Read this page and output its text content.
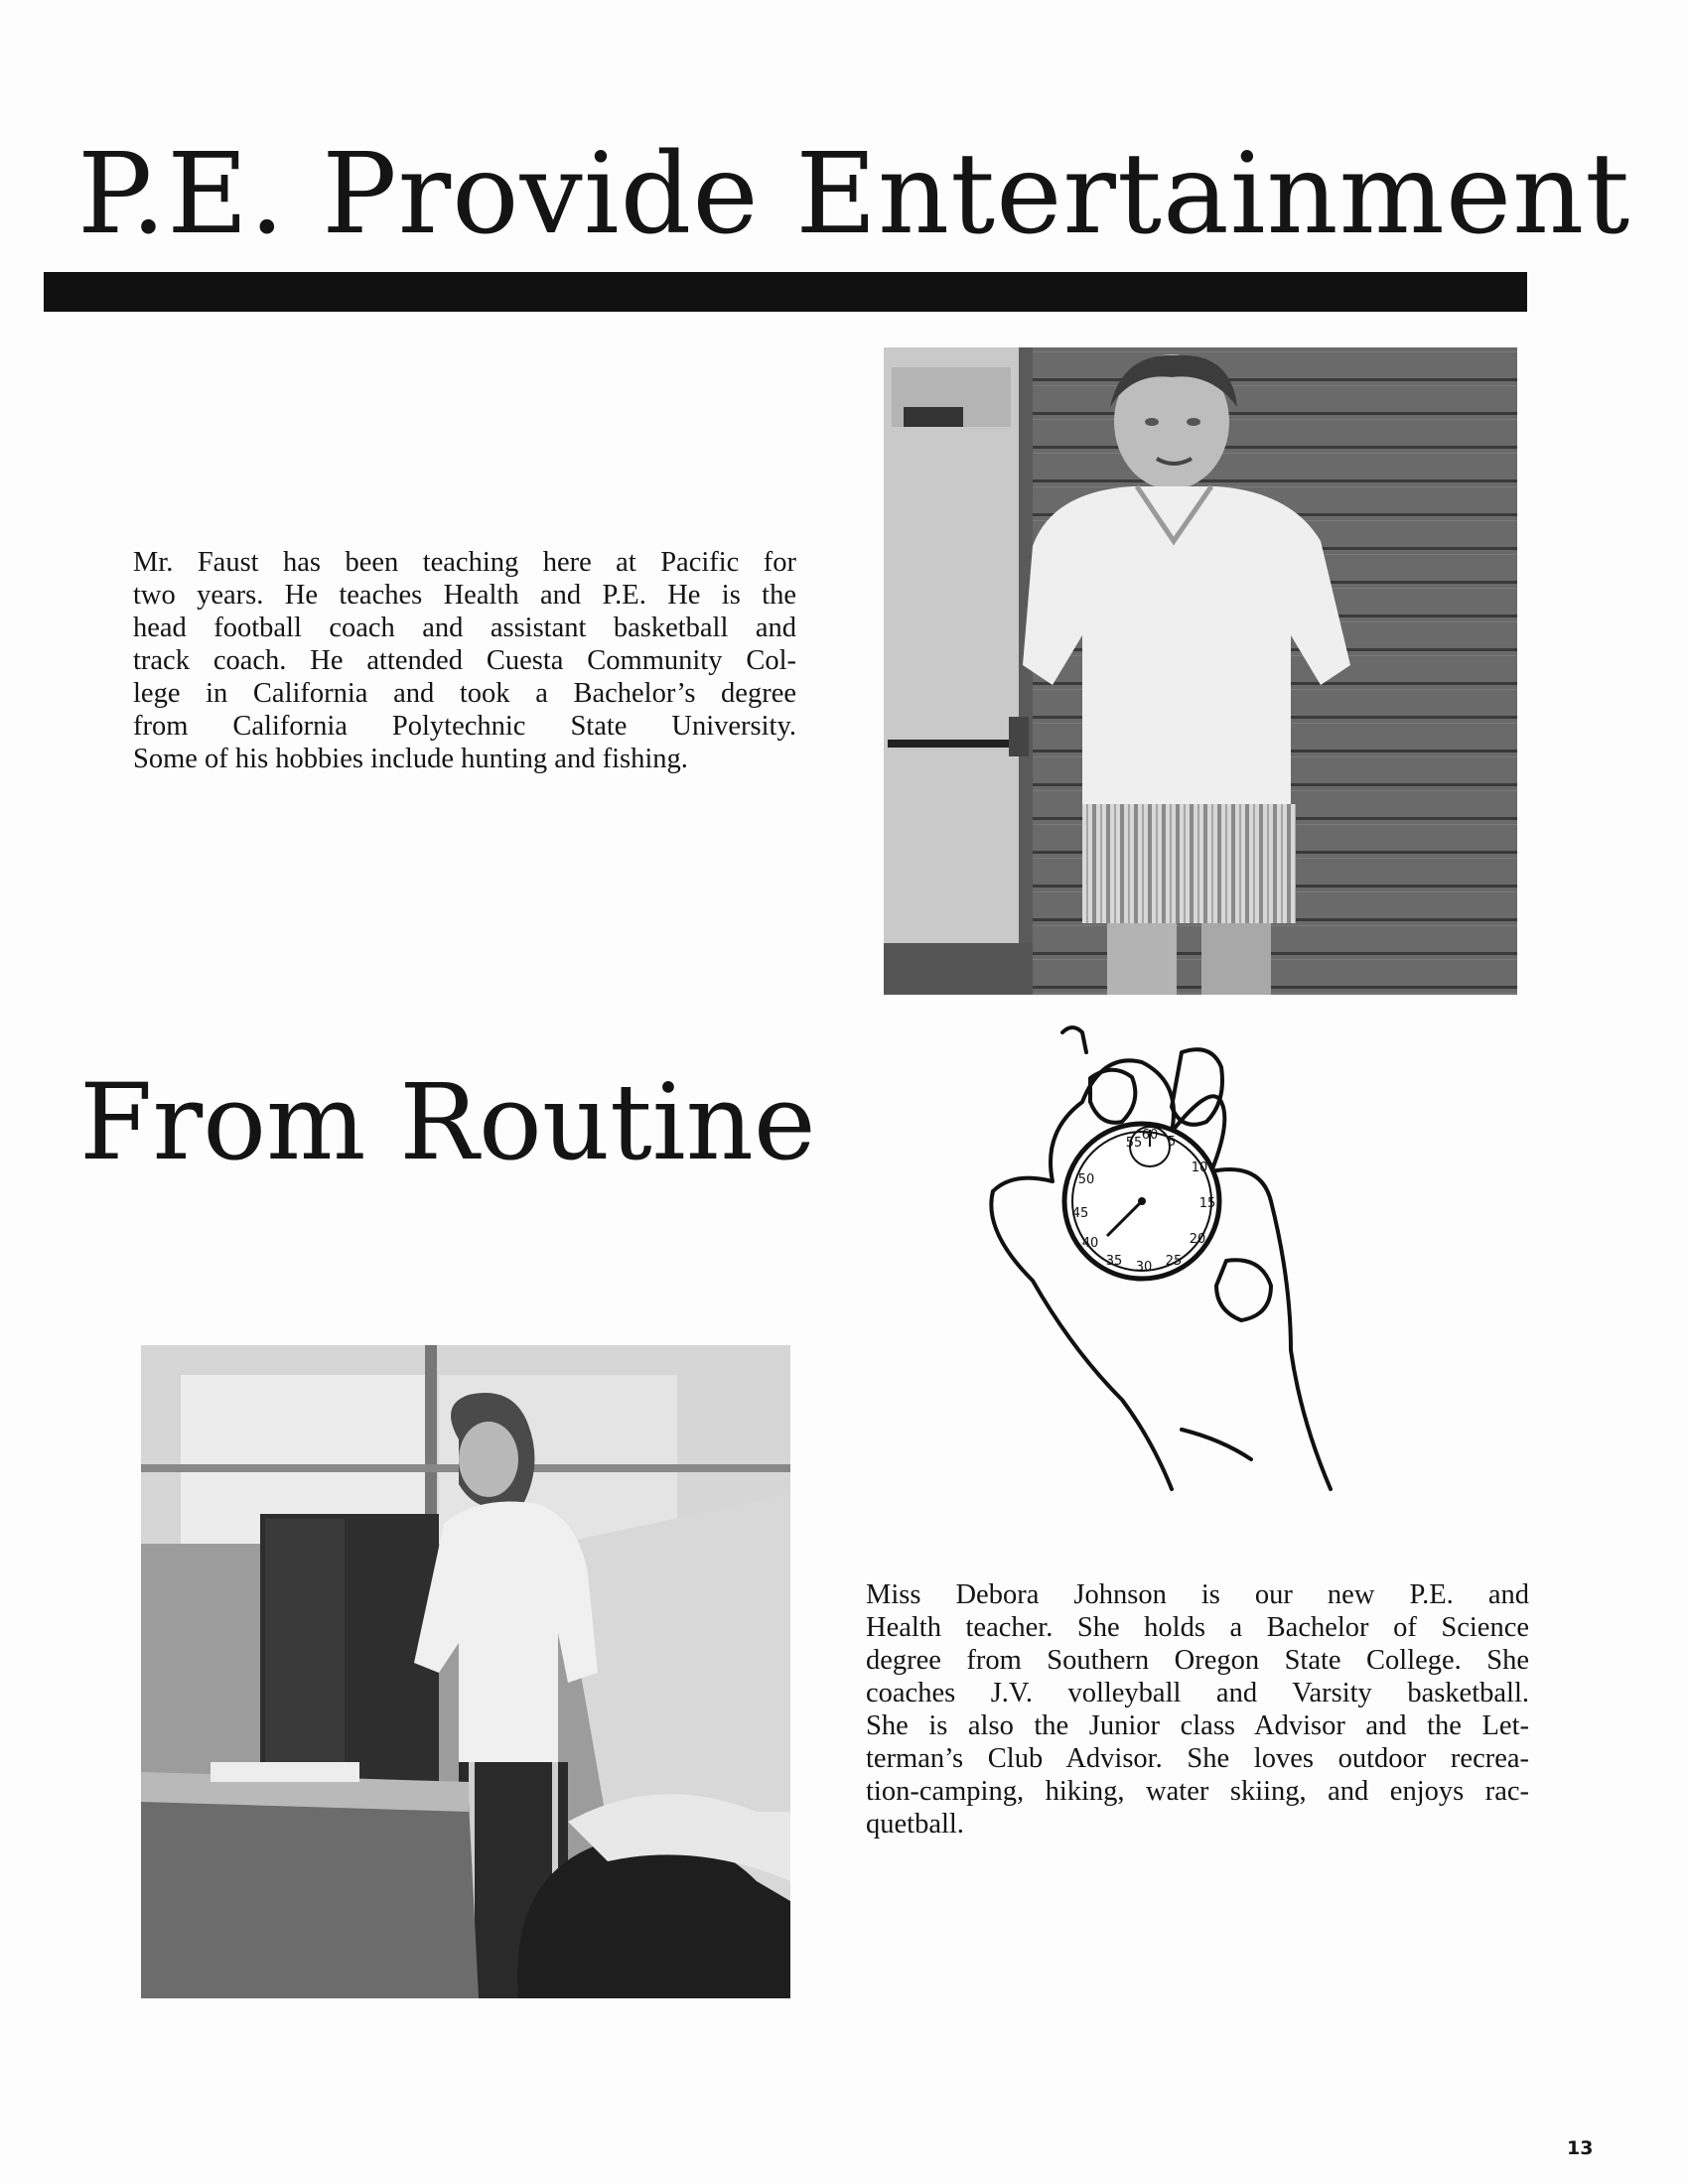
P.E. Provide Entertainment
Mr. Faust has been teaching here at Pacific for
two years. He teaches Health and P.E. He is the
head football coach and assistant basketball and
track coach. He attended Cuesta Community Col-
lege in California and took a Bachelor’s degree
from California Polytechnic State University.
Some of his hobbies include hunting and fishing.
From Routine	55
60 5
10
15
20
25
30
35
40
45
50
Miss Debora Johnson is our new P.E. and
Health teacher. She holds a Bachelor of Science
degree from Southern Oregon State College. She
coaches J.V. volleyball and Varsity basketball.
She is also the Junior class Advisor and the Let-
terman’s Club Advisor. She loves outdoor recrea-
tion-camping, hiking, water skiing, and enjoys rac-
quetball.
13
